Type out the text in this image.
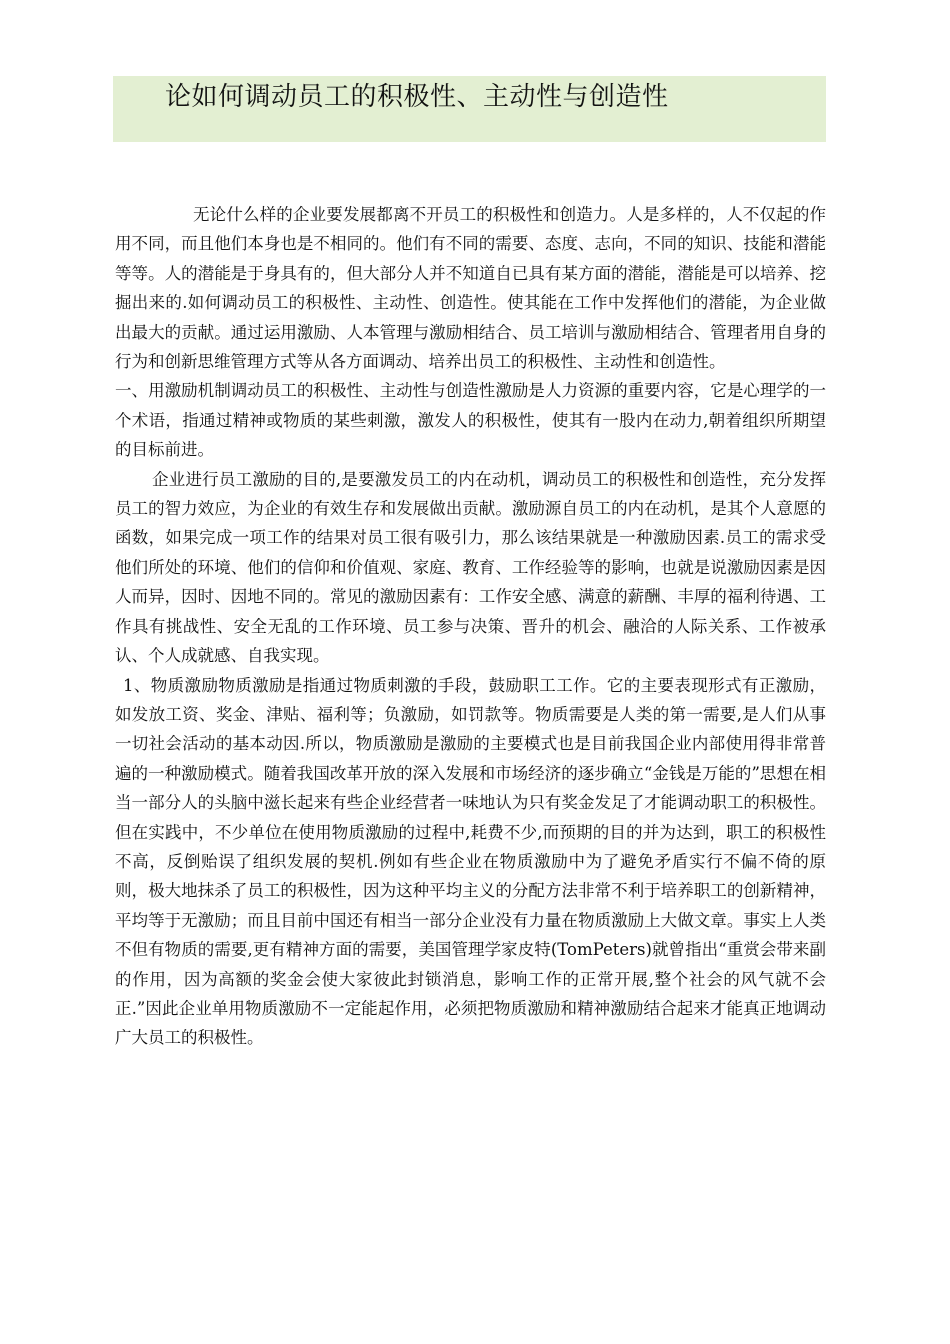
论如何调动员工的积极性、主动性与创造性

无论什么样的企业要发展都离不开员工的积极性和创造力。人是多样的，人不仅起的作用不同，而且他们本身也是不相同的。他们有不同的需要、态度、志向，不同的知识、技能和潜能等等。人的潜能是于身具有的，但大部分人并不知道自已具有某方面的潜能，潜能是可以培养、挖掘出来的.如何调动员工的积极性、主动性、创造性。使其能在工作中发挥他们的潜能，为企业做出最大的贡献。通过运用激励、人本管理与激励相结合、员工培训与激励相结合、管理者用自身的行为和创新思维管理方式等从各方面调动、培养出员工的积极性、主动性和创造性。

一、用激励机制调动员工的积极性、主动性与创造性激励是人力资源的重要内容，它是心理学的一个术语，指通过精神或物质的某些刺激，激发人的积极性，使其有一股内在动力,朝着组织所期望的目标前进。

企业进行员工激励的目的,是要激发员工的内在动机，调动员工的积极性和创造性，充分发挥员工的智力效应，为企业的有效生存和发展做出贡献。激励源自员工的内在动机，是其个人意愿的函数，如果完成一项工作的结果对员工很有吸引力，那么该结果就是一种激励因素.员工的需求受他们所处的环境、他们的信仰和价值观、家庭、教育、工作经验等的影响，也就是说激励因素是因人而异，因时、因地不同的。常见的激励因素有：工作安全感、满意的薪酬、丰厚的福利待遇、工作具有挑战性、安全无乱的工作环境、员工参与决策、晋升的机会、融洽的人际关系、工作被承认、个人成就感、自我实现。

1、物质激励物质激励是指通过物质刺激的手段，鼓励职工工作。它的主要表现形式有正激励，如发放工资、奖金、津贴、福利等；负激励，如罚款等。物质需要是人类的第一需要,是人们从事一切社会活动的基本动因.所以，物质激励是激励的主要模式也是目前我国企业内部使用得非常普遍的一种激励模式。随着我国改革开放的深入发展和市场经济的逐步确立“金钱是万能的”思想在相当一部分人的头脑中滋长起来有些企业经营者一味地认为只有奖金发足了才能调动职工的积极性。但在实践中，不少单位在使用物质激励的过程中,耗费不少,而预期的目的并为达到，职工的积极性不高，反倒贻误了组织发展的契机.例如有些企业在物质激励中为了避免矛盾实行不偏不倚的原则，极大地抹杀了员工的积极性，因为这种平均主义的分配方法非常不利于培养职工的创新精神，平均等于无激励；而且目前中国还有相当一部分企业没有力量在物质激励上大做文章。事实上人类不但有物质的需要,更有精神方面的需要，美国管理学家皮特(TomPeters)就曾指出“重赏会带来副的作用，因为高额的奖金会使大家彼此封锁消息，影响工作的正常开展,整个社会的风气就不会正.”因此企业单用物质激励不一定能起作用，必须把物质激励和精神激励结合起来才能真正地调动广大员工的积极性。
